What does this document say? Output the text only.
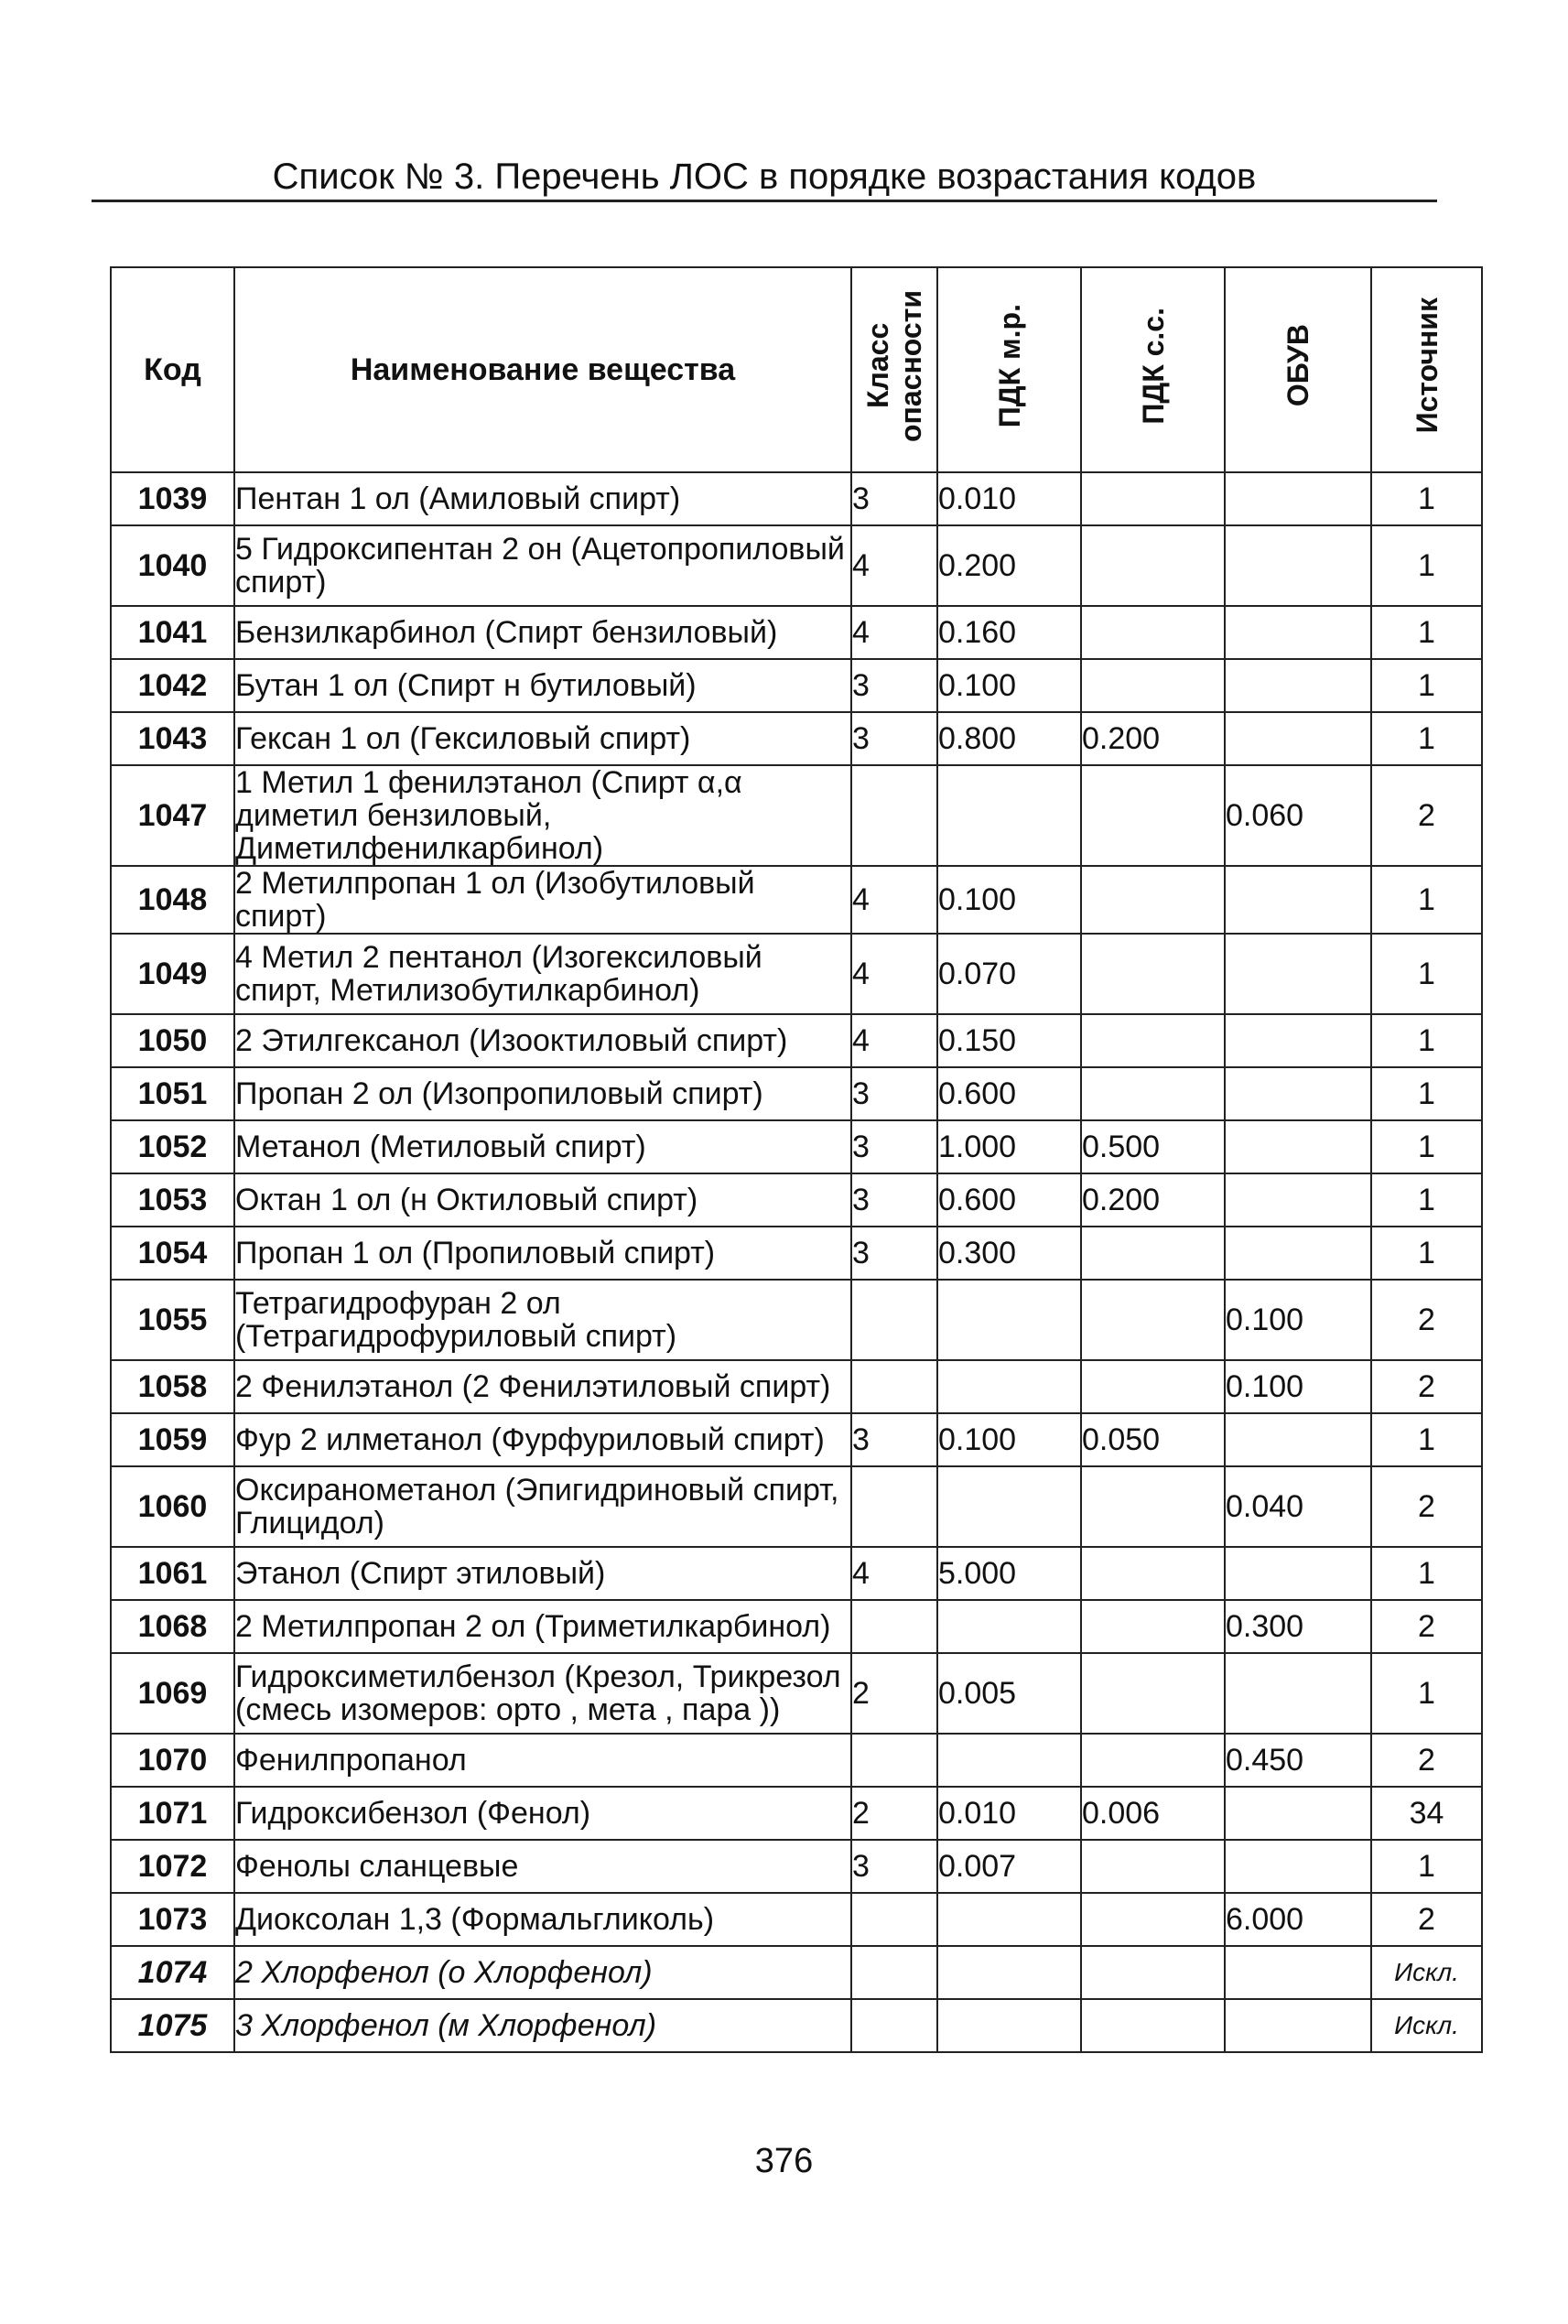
Список № 3. Перечень ЛОС в порядке возрастания кодов
Код	Наименование вещества	Класс опасности	ПДК м.р.	ПДК с.с.	ОБУВ	Источник
1039	Пентан 1 ол (Амиловый спирт)	3	0.010			1
1040	5 Гидроксипентан 2 он (Ацетопропиловый спирт)	4	0.200			1
1041	Бензилкарбинол (Спирт бензиловый)	4	0.160			1
1042	Бутан 1 ол (Спирт н бутиловый)	3	0.100			1
1043	Гексан 1 ол (Гексиловый спирт)	3	0.800	0.200		1
1047	1 Метил 1 фенилэтанол (Спирт α,α диметил бензиловый, Диметилфенилкарбинол)				0.060	2
1048	2 Метилпропан 1 ол (Изобутиловый спирт)	4	0.100			1
1049	4 Метил 2 пентанол (Изогексиловый спирт, Метилизобутилкарбинол)	4	0.070			1
1050	2 Этилгексанол (Изооктиловый спирт)	4	0.150			1
1051	Пропан 2 ол (Изопропиловый спирт)	3	0.600			1
1052	Метанол (Метиловый спирт)	3	1.000	0.500		1
1053	Октан 1 ол (н Октиловый спирт)	3	0.600	0.200		1
1054	Пропан 1 ол (Пропиловый спирт)	3	0.300			1
1055	Тетрагидрофуран 2 ол (Тетрагидрофуриловый спирт)				0.100	2
1058	2 Фенилэтанол (2 Фенилэтиловый спирт)				0.100	2
1059	Фур 2 илметанол (Фурфуриловый спирт)	3	0.100	0.050		1
1060	Оксиранометанол (Эпигидриновый спирт, Глицидол)				0.040	2
1061	Этанол (Спирт этиловый)	4	5.000			1
1068	2 Метилпропан 2 ол (Триметилкарбинол)				0.300	2
1069	Гидроксиметилбензол (Крезол, Трикрезол (смесь изомеров: орто , мета , пара ))	2	0.005			1
1070	Фенилпропанол				0.450	2
1071	Гидроксибензол (Фенол)	2	0.010	0.006		34
1072	Фенолы сланцевые	3	0.007			1
1073	Диоксолан 1,3 (Формальгликоль)				6.000	2
1074	2 Хлорфенол (о Хлорфенол)					Искл.
1075	3 Хлорфенол (м Хлорфенол)					Искл.
376
